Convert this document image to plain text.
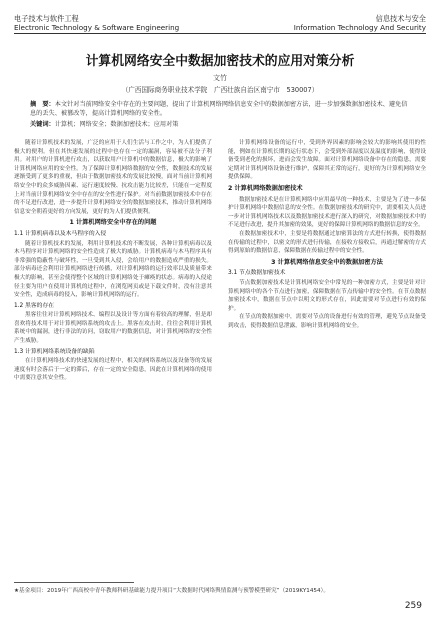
电子技术与软件工程
Electronic Technology & Software Engineering
信息技术与安全
Information Technology And Security
计算机网络安全中数据加密技术的应用对策分析
文竹
（广西国际商务职业技术学院　广西壮族自治区南宁市　530007）
摘　要：本文针对当前网络安全中存在的主要问题，提出了计算机网络网络信息安全中的数据加密方法，进一步加强数据加密技术、避免信息的丢失、被篡改等，提高计算机网络的安全性。
关键词：计算机；网络安全；数据加密技术；应用对策

随着计算机技术的发展，广泛的应用于人们生活与工作之中，为人们提供了极大的便利。但在其快速发展的过程中也存在一定的漏洞，容易被不法分子利用。对用户的计算机进行攻击，以获取用户计算机中的数据信息，极大的影响了计算机网络应用的安全性。为了保障计算机网络数据的安全性，数据技术的发展逐渐受到了更多的重视，但由于数据加密技术的发展比较慢，面对当前计算机网络安全中的众多威胁因素、运行速度较慢、抗攻击能力比较差，只能在一定程度上对当前计算机网络安全中存在的安全性进行保护。对当前数据加密技术中存在的不足进行改进，进一步提升计算机网络安全的数据加密技术，推动计算机网络信息安全朝着更好的方向发展，更好的为人们提供便利。

1 计算机网络安全中存在的问题
1.1 计算机病毒以及木马程序的入侵

随着计算机技术的发展，利用计算机技术的不断发展，各种计算机病毒以及木马程序对计算机网络的安全性造成了极大的威胁。计算机病毒与木马程序具有非常强的隐蔽性与破坏性，一旦受到其入侵，会给用户的数据造成严重的损失。部分病毒还会利用计算机网络进行传播，对计算机网络的运行效率以及质量带来极大的影响，甚至会使得整个区域的计算机网络处于瘫痪的状态。病毒的入侵途径主要为用户在使用计算机的过程中，在浏览网页或是下载文件时，没有注意其安全性，造成病毒的侵入，影响计算机网络的运行。

1.2 黑客的存在

黑客往往对计算机网络技术、编程以及设计等方面有着较高的理解，但是却喜欢将技术用于对计算机网络系统的攻击上。黑客在攻击时，往往会利用计算机系统中的漏洞，进行非法的访问，窃取用户的数据信息，对计算机网络的安全性产生威胁。

1.3 计算机网络系统设备的缺陷

在计算机网络技术的快速发展的过程中，相关的网络系统以及设备等的发展速度有时会落后于一定的滞后，存在一定的安全隐患，因此在计算机网络的使用中需要注意其安全性。

计算机网络设备的运行中，受到外界因素的影响会较大的影响其使用的性能，例如在计算机长期的运行状态下，会受到外部湿度以及温度的影响，使得设备受到老化的损坏，进而会发生故障。面对计算机网络设备中存在的隐患，需要定期对计算机网络设备进行维护，保障其正常的运行，更好的为计算机网络安全提供保障。

2 计算机网络数据加密技术

数据加密技术是在计算机网络中应用最早的一种技术，主要是为了进一步保护计算机网络中数据信息的安全性。在数据加密技术的研究中，需要相关人员进一步对计算机网络技术以及数据加密技术进行深入的研究，对数据加密技术中的不足进行改进，提升其加密的效果，更好的保障计算机网络的数据信息的安全。

在数据加密技术中，主要是将数据通过加密算法的方式进行转换，使得数据在传输的过程中，以密文的形式进行传输，在接收方接收后，再通过解密的方式得到原始的数据信息，保障数据在传输过程中的安全性。

3 计算机网络信息安全中的数据加密方法
3.1 节点数据加密技术

节点数据加密技术是计算机网络安全中常见的一种加密方式，主要是针对计算机网络中的各个节点进行加密，保障数据在节点传输中的安全性。在节点数据加密技术中，数据在节点中以明文的形式存在，因此需要对节点进行有效的保护。

在节点的数据加密中，需要对节点的设备进行有效的管理，避免节点设备受到攻击，使得数据信息泄露，影响计算机网络的安全。

★基金项目：2019年广西高校中青年教师科研基础能力提升项目“大数据时代网络舆情监测与预警模型研究”（2019KY1454）。
259
